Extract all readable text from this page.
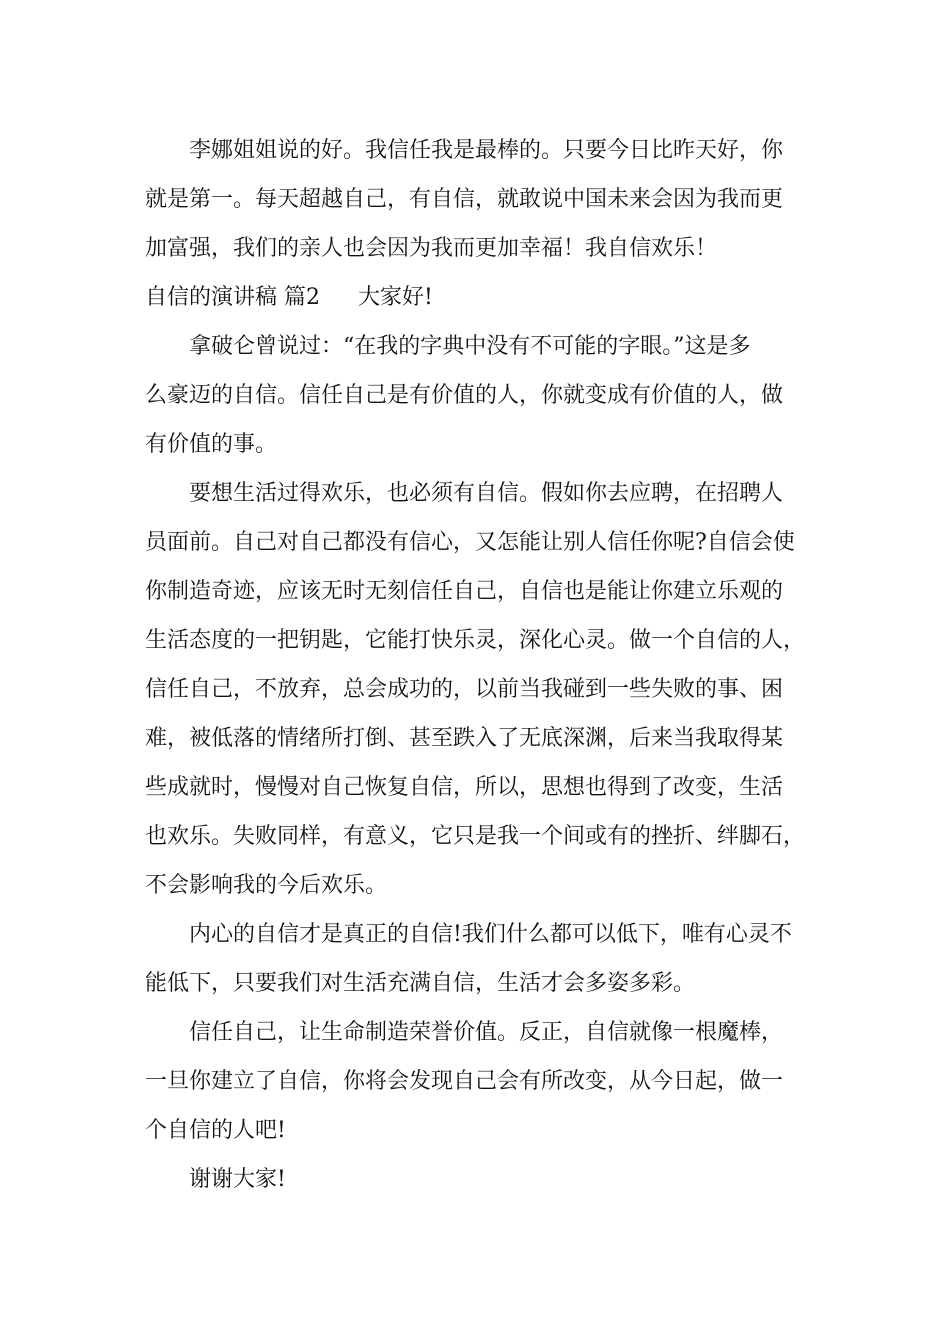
李娜姐姐说的好。我信任我是最棒的。只要今日比昨天好，你
就是第一。每天超越自己，有自信，就敢说中国未来会因为我而更
加富强，我们的亲人也会因为我而更加幸福！我自信欢乐！
自信的演讲稿 篇2 大家好!
拿破仑曾说过：“在我的字典中没有不可能的字眼。”这是多
么豪迈的自信。信任自己是有价值的人，你就变成有价值的人，做
有价值的事。
要想生活过得欢乐，也必须有自信。假如你去应聘，在招聘人
员面前。自己对自己都没有信心，又怎能让别人信任你呢?自信会使
你制造奇迹，应该无时无刻信任自己，自信也是能让你建立乐观的
生活态度的一把钥匙，它能打快乐灵，深化心灵。做一个自信的人，
信任自己，不放弃，总会成功的，以前当我碰到一些失败的事、困
难，被低落的情绪所打倒、甚至跌入了无底深渊，后来当我取得某
些成就时，慢慢对自己恢复自信，所以，思想也得到了改变，生活
也欢乐。失败同样，有意义，它只是我一个间或有的挫折、绊脚石，
不会影响我的今后欢乐。
内心的自信才是真正的自信!我们什么都可以低下，唯有心灵不
能低下，只要我们对生活充满自信，生活才会多姿多彩。
信任自己，让生命制造荣誉价值。反正，自信就像一根魔棒，
一旦你建立了自信，你将会发现自己会有所改变，从今日起，做一
个自信的人吧!
谢谢大家!
